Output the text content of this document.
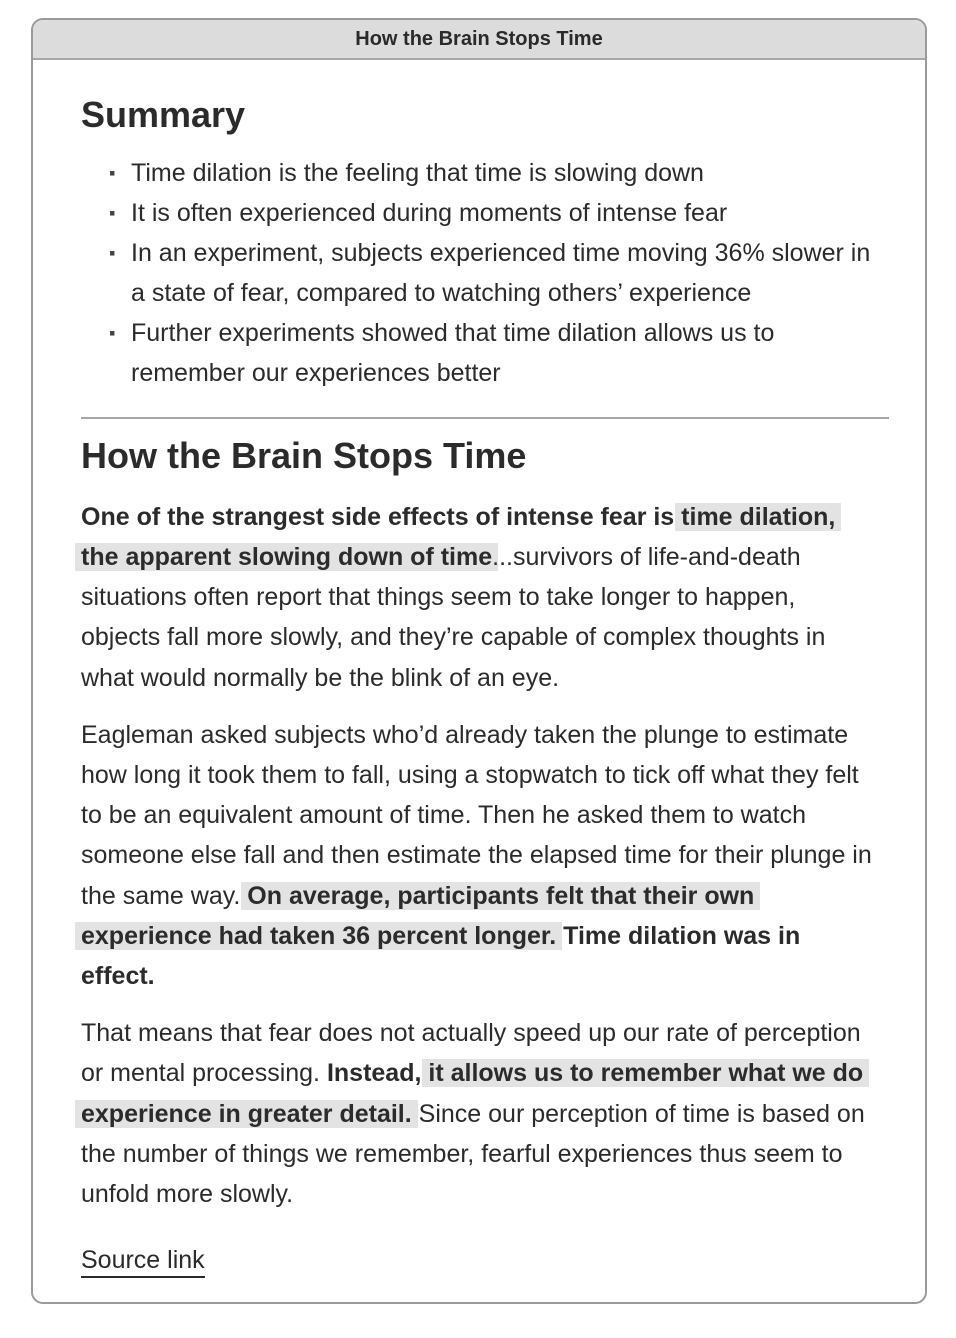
How the Brain Stops Time
Summary
▪ Time dilation is the feeling that time is slowing down
▪ It is often experienced during moments of intense fear
▪ In an experiment, subjects experienced time moving 36% slower in a state of fear, compared to watching others’ experience
▪ Further experiments showed that time dilation allows us to remember our experiences better
How the Brain Stops Time

One of the strangest side effects of intense fear is time dilation, the apparent slowing down of time...survivors of life-and-death situations often report that things seem to take longer to happen, objects fall more slowly, and they’re capable of complex thoughts in what would normally be the blink of an eye.

Eagleman asked subjects who’d already taken the plunge to estimate how long it took them to fall, using a stopwatch to tick off what they felt to be an equivalent amount of time. Then he asked them to watch someone else fall and then estimate the elapsed time for their plunge in the same way. On average, participants felt that their own experience had taken 36 percent longer. Time dilation was in effect.

That means that fear does not actually speed up our rate of perception or mental processing. Instead, it allows us to remember what we do experience in greater detail. Since our perception of time is based on the number of things we remember, fearful experiences thus seem to unfold more slowly.

Source link
